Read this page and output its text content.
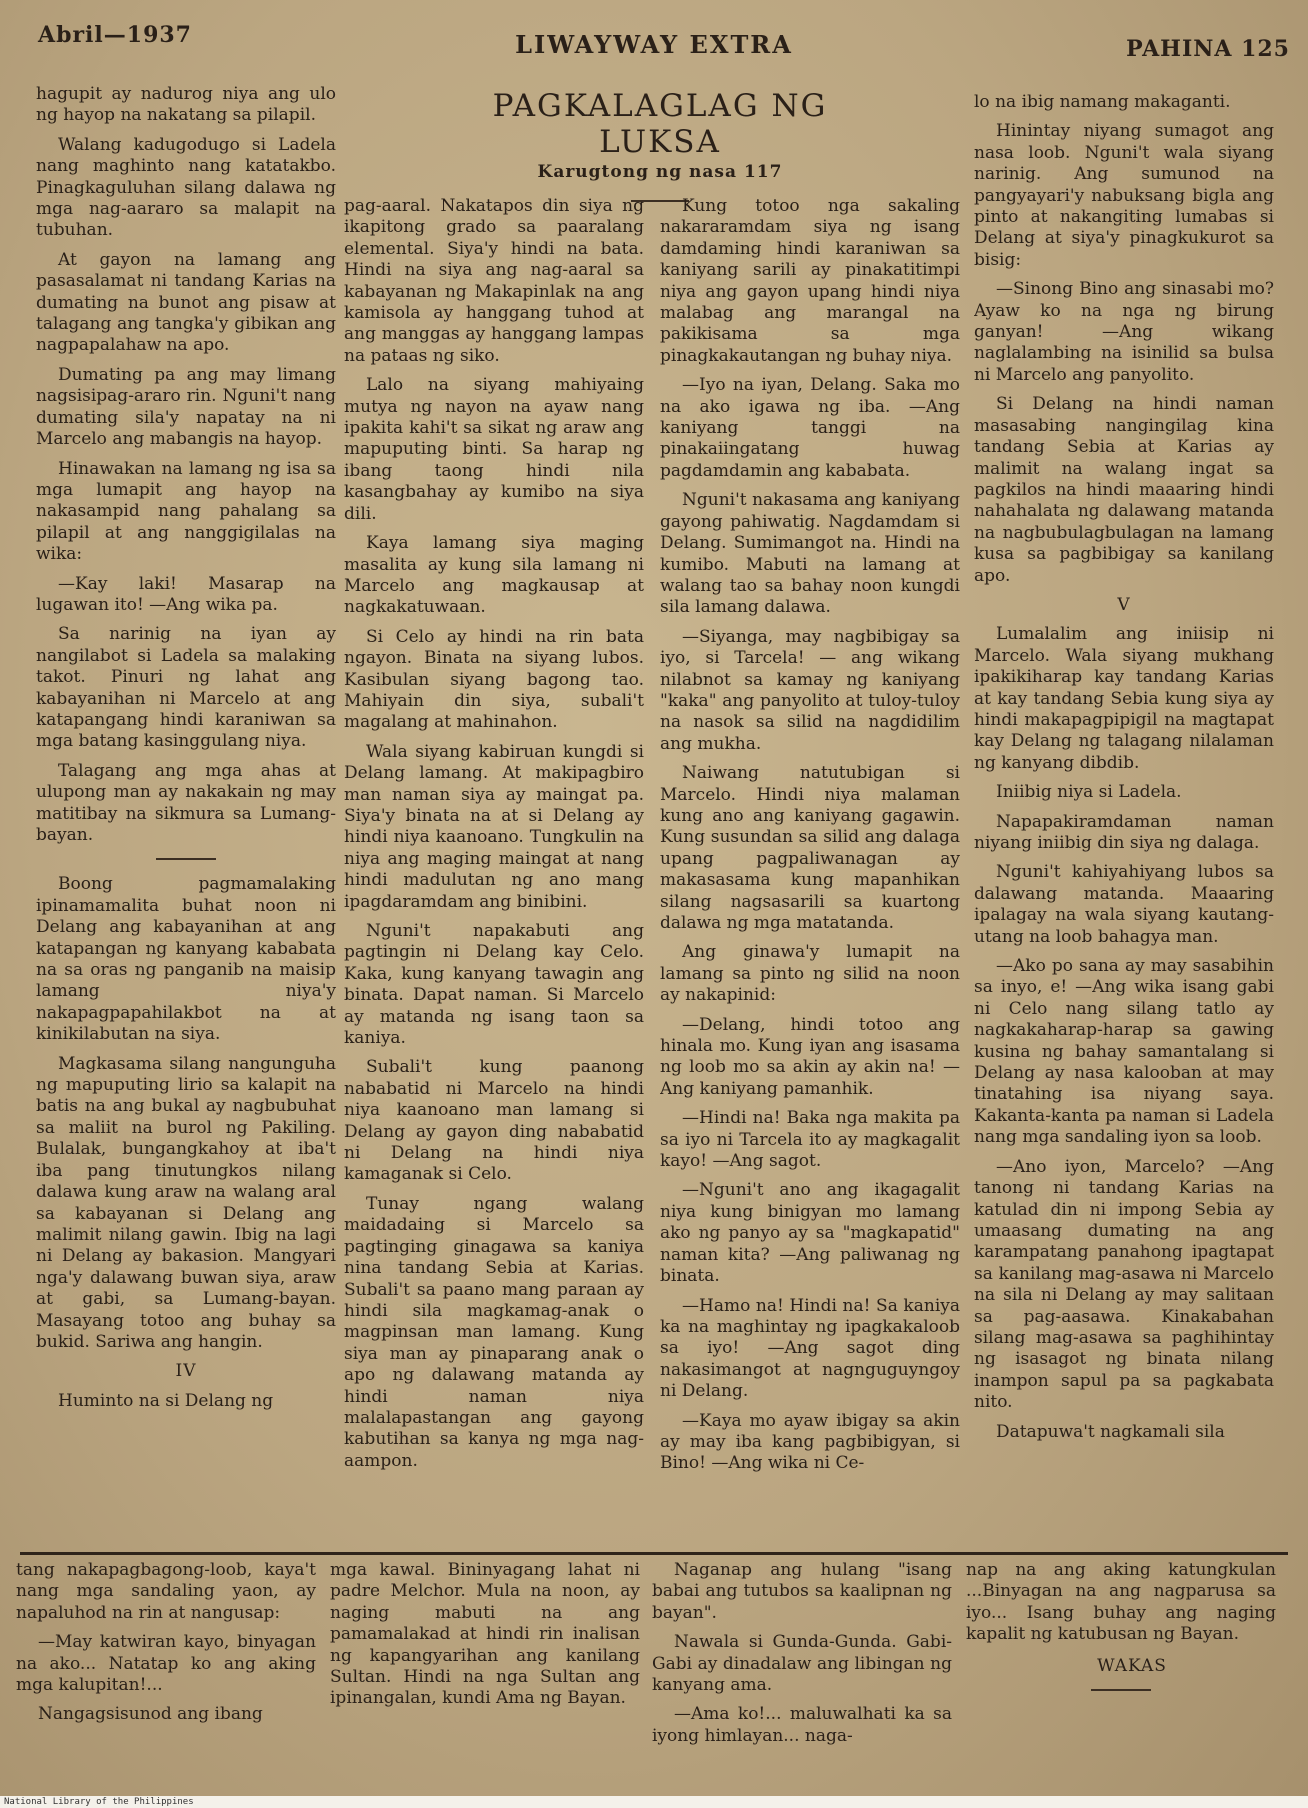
Abril—1937	LIWAYWAY EXTRA	PAHINA 125
PAGKALAGLAG NG LUKSA
Karugtong ng nasa 117

hagupit ay nadurog niya ang ulo ng hayop na nakatang sa pilapil.

Walang kadugodugo si Ladela nang maghinto nang katatakbo. Pinagkaguluhan silang dalawa ng mga nag-aararo sa malapit na tubuhan.

At gayon na lamang ang pasasalamat ni tandang Karias na dumating na bunot ang pisaw at talagang ang tangka'y gibikan ang nagpapalahaw na apo.

Dumating pa ang may limang nagsisipag-araro rin. Nguni't nang dumating sila'y napatay na ni Marcelo ang mabangis na hayop.

Hinawakan na lamang ng isa sa mga lumapit ang hayop na nakasampid nang pahalang sa pilapil at ang nanggigilalas na wika:

—Kay laki! Masarap na lugawan ito! —Ang wika pa.

Sa narinig na iyan ay nangilabot si Ladela sa malaking takot. Pinuri ng lahat ang kabayanihan ni Marcelo at ang katapangang hindi karaniwan sa mga batang kasinggulang niya.

Talagang ang mga ahas at ulupong man ay nakakain ng may matitibay na sikmura sa Lumang-bayan.

Boong pagmamalaking ipinamamalita buhat noon ni Delang ang kabayanihan at ang katapangan ng kanyang kababata na sa oras ng panganib na maisip lamang niya'y nakapagpapahilakbot na at kinikilabutan na siya.

Magkasama silang nangunguha ng mapuputing lirio sa kalapit na batis na ang bukal ay nagbubuhat sa maliit na burol ng Pakiling. Bulalak, bungangkahoy at iba't iba pang tinutungkos nilang dalawa kung araw na walang aral sa kabayanan si Delang ang malimit nilang gawin. Ibig na lagi ni Delang ay bakasion. Mangyari nga'y dalawang buwan siya, araw at gabi, sa Lumang-bayan. Masayang totoo ang buhay sa bukid. Sariwa ang hangin.

IV

Huminto na si Delang ng

pag-aaral. Nakatapos din siya ng ikapitong grado sa paaralang elemental. Siya'y hindi na bata. Hindi na siya ang nag-aaral sa kabayanan ng Makapinlak na ang kamisola ay hanggang tuhod at ang manggas ay hanggang lampas na pataas ng siko.

Lalo na siyang mahiyaing mutya ng nayon na ayaw nang ipakita kahi't sa sikat ng araw ang mapuputing binti. Sa harap ng ibang taong hindi nila kasangbahay ay kumibo na siya dili.

Kaya lamang siya maging masalita ay kung sila lamang ni Marcelo ang magkausap at nagkakatuwaan.

Si Celo ay hindi na rin bata ngayon. Binata na siyang lubos. Kasibulan siyang bagong tao. Mahiyain din siya, subali't magalang at mahinahon.

Wala siyang kabiruan kungdi si Delang lamang. At makipagbiro man naman siya ay maingat pa. Siya'y binata na at si Delang ay hindi niya kaanoano. Tungkulin na niya ang maging maingat at nang hindi madulutan ng ano mang ipagdaramdam ang binibini.

Nguni't napakabuti ang pagtingin ni Delang kay Celo. Kaka, kung kanyang tawagin ang binata. Dapat naman. Si Marcelo ay matanda ng isang taon sa kaniya.

Subali't kung paanong nababatid ni Marcelo na hindi niya kaanoano man lamang si Delang ay gayon ding nababatid ni Delang na hindi niya kamaganak si Celo.

Tunay ngang walang maidadaing si Marcelo sa pagtinging ginagawa sa kaniya nina tandang Sebia at Karias. Subali't sa paano mang paraan ay hindi sila magkamag-anak o magpinsan man lamang. Kung siya man ay pinaparang anak o apo ng dalawang matanda ay hindi naman niya malalapastangan ang gayong kabutihan sa kanya ng mga nag-aampon.

Kung totoo nga sakaling nakararamdam siya ng isang damdaming hindi karaniwan sa kaniyang sarili ay pinakatitimpi niya ang gayon upang hindi niya malabag ang marangal na pakikisama sa mga pinagkakautangan ng buhay niya.

—Iyo na iyan, Delang. Saka mo na ako igawa ng iba. —Ang kaniyang tanggi na pinakaiingatang huwag pagdamdamin ang kababata.

Nguni't nakasama ang kaniyang gayong pahiwatig. Nagdamdam si Delang. Sumimangot na. Hindi na kumibo. Mabuti na lamang at walang tao sa bahay noon kungdi sila lamang dalawa.

—Siyanga, may nagbibigay sa iyo, si Tarcela! — ang wikang nilabnot sa kamay ng kaniyang "kaka" ang panyolito at tuloy-tuloy na nasok sa silid na nagdidilim ang mukha.

Naiwang natutubigan si Marcelo. Hindi niya malaman kung ano ang kaniyang gagawin. Kung susundan sa silid ang dalaga upang pagpaliwanagan ay makasasama kung mapanhikan silang nagsasarili sa kuartong dalawa ng mga matatanda.

Ang ginawa'y lumapit na lamang sa pinto ng silid na noon ay nakapinid:

—Delang, hindi totoo ang hinala mo. Kung iyan ang isasama ng loob mo sa akin ay akin na! —Ang kaniyang pamanhik.

—Hindi na! Baka nga makita pa sa iyo ni Tarcela ito ay magkagalit kayo! —Ang sagot.

—Nguni't ano ang ikagagalit niya kung binigyan mo lamang ako ng panyo ay sa "magkapatid" naman kita? —Ang paliwanag ng binata.

—Hamo na! Hindi na! Sa kaniya ka na maghintay ng ipagkakaloob sa iyo! —Ang sagot ding nakasimangot at nagnguguyngoy ni Delang.

—Kaya mo ayaw ibigay sa akin ay may iba kang pagbibigyan, si Bino! —Ang wika ni Ce-

lo na ibig namang makaganti.

Hinintay niyang sumagot ang nasa loob. Nguni't wala siyang narinig. Ang sumunod na pangyayari'y nabuksang bigla ang pinto at nakangiting lumabas si Delang at siya'y pinagkukurot sa bisig:

—Sinong Bino ang sinasabi mo? Ayaw ko na nga ng birung ganyan! —Ang wikang naglalambing na isinilid sa bulsa ni Marcelo ang panyolito.

Si Delang na hindi naman masasabing nangingilag kina tandang Sebia at Karias ay malimit na walang ingat sa pagkilos na hindi maaaring hindi nahahalata ng dalawang matanda na nagbubulagbulagan na lamang kusa sa pagbibigay sa kanilang apo.

V

Lumalalim ang iniisip ni Marcelo. Wala siyang mukhang ipakikiharap kay tandang Karias at kay tandang Sebia kung siya ay hindi makapagpipigil na magtapat kay Delang ng talagang nilalaman ng kanyang dibdib.

Iniibig niya si Ladela.

Napapakiramdaman naman niyang iniibig din siya ng dalaga.

Nguni't kahiyahiyang lubos sa dalawang matanda. Maaaring ipalagay na wala siyang kautang-utang na loob bahagya man.

—Ako po sana ay may sasabihin sa inyo, e! —Ang wika isang gabi ni Celo nang silang tatlo ay nagkakaharap-harap sa gawing kusina ng bahay samantalang si Delang ay nasa kalooban at may tinatahing isa niyang saya. Kakanta-kanta pa naman si Ladela nang mga sandaling iyon sa loob.

—Ano iyon, Marcelo? —Ang tanong ni tandang Karias na katulad din ni impong Sebia ay umaasang dumating na ang karampatang panahong ipagtapat sa kanilang mag-asawa ni Marcelo na sila ni Delang ay may salitaan sa pag-aasawa. Kinakabahan silang mag-asawa sa paghihintay ng isasagot ng binata nilang inampon sapul pa sa pagkabata nito.

Datapuwa't nagkamali sila

tang nakapagbagong-loob, kaya't nang mga sandaling yaon, ay napaluhod na rin at nangusap:

—May katwiran kayo, binyagan na ako... Natatap ko ang aking mga kalupitan!...

Nangagsisunod ang ibang

mga kawal. Bininyagang lahat ni padre Melchor. Mula na noon, ay naging mabuti na ang pamamalakad at hindi rin inalisan ng kapangyarihan ang kanilang Sultan. Hindi na nga Sultan ang ipinangalan, kundi Ama ng Bayan.

Naganap ang hulang "isang babai ang tutubos sa kaalipnan ng bayan".

Nawala si Gunda-Gunda. Gabi-Gabi ay dinadalaw ang libingan ng kanyang ama.

—Ama ko!... maluwalhati ka sa iyong himlayan... naga-

nap na ang aking katungkulan ...Binyagan na ang nagparusa sa iyo... Isang buhay ang naging kapalit ng katubusan ng Bayan.

WAKAS

National Library of the Philippines
